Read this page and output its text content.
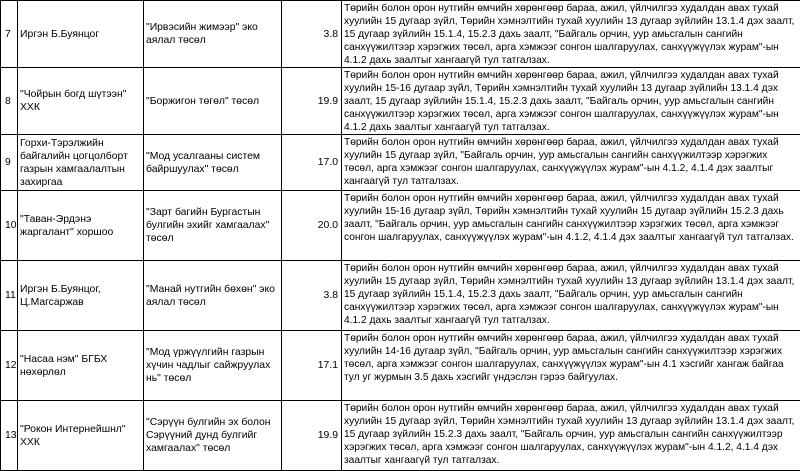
7	Иргэн Б.Буянцог	"Ирвэсийн жимээр" эко аялал төсөл	3.8	Төрийн болон орон нутгийн өмчийн хөрөнгөөр бараа, ажил, үйлчилгээ худалдан авах тухай хуулийн 15 дугаар зүйл, Төрийн хэмнэлтийн тухай хуулийн 13 дугаар зүйлийн 13.1.4 дэх заалт, 15 дугаар зүйлийн 15.1.4, 15.2.3 дахь заалт, "Байгаль орчин, уур амьсгалын сангийн санхүүжилтээр хэрэгжих төсөл, арга хэмжээг сонгон шалгаруулах, санхүүжүүлэх журам"-ын 4.1.2 дахь заалтыг хангаагүй тул татгалзах.
8	"Чойрын богд шүтээн" ХХК	"Боржигон төгөл" төсөл	19.9	Төрийн болон орон нутгийн өмчийн хөрөнгөөр бараа, ажил, үйлчилгээ худалдан авах тухай хуулийн 15-16 дугаар зүйл, Төрийн хэмнэлтийн тухай хуулийн 13 дугаар зүйлийн 13.1.4 дэх заалт, 15 дугаар зүйлийн 15.1.4, 15.2.3 дахь заалт, "Байгаль орчин, уур амьсгалын сангийн санхүүжилтээр хэрэгжих төсөл, арга хэмжээг сонгон шалгаруулах, санхүүжүүлэх журам"-ын 4.1.2 дахь заалтыг хангаагүй тул татгалзах.
9	Горхи-Тэрэлжийн байгалийн цогцолборт газрын хамгаалалтын захиргаа	"Мод усалгааны систем байршуулах" төсөл	17.0	Төрийн болон орон нутгийн өмчийн хөрөнгөөр бараа, ажил, үйлчилгээ худалдан авах тухай хуулийн 15 дугаар зүйл, "Байгаль орчин, уур амьсгалын сангийн санхүүжилтээр хэрэгжих төсөл, арга хэмжээг сонгон шалгаруулах, санхүүжүүлэх журам"-ын 4.1.2, 4.1.4 дэх заалтыг хангаагүй тул татгалзах.
10	"Таван-Эрдэнэ жаргалант" хоршоо	"Зарт багийн Бургастын булгийн эхийг хамгаалах" төсөл	20.0	Төрийн болон орон нутгийн өмчийн хөрөнгөөр бараа, ажил, үйлчилгээ худалдан авах тухай хуулийн 15-16 дугаар зүйл, Төрийн хэмнэлтийн тухай хуулийн 15 дугаар зүйлийн 15.2.3 дахь заалт, "Байгаль орчин, уур амьсгалын сангийн санхүүжилтээр хэрэгжих төсөл, арга хэмжээг сонгон шалгаруулах, санхүүжүүлэх журам"-ын 4.1.2, 4.1.4 дэх заалтыг хангаагүй тул татгалзах.
11	Иргэн Б.Буянцог, Ц.Магсаржав	"Манай нутгийн бөхөн" эко аялал төсөл	3.8	Төрийн болон орон нутгийн өмчийн хөрөнгөөр бараа, ажил, үйлчилгээ худалдан авах тухай хуулийн 15 дугаар зүйл, Төрийн хэмнэлтийн тухай хуулийн 13 дугаар зүйлийн 13.1.4 дэх заалт, 15 дугаар зүйлийн 15.1.4, 15.2.3 дахь заалт, "Байгаль орчин, уур амьсгалын сангийн санхүүжилтээр хэрэгжих төсөл, арга хэмжээг сонгон шалгаруулах, санхүүжүүлэх журам"-ын 4.1.2 дахь заалтыг хангаагүй тул татгалзах.
12	"Насаа нэм" БГБХ нөхөрлөл	"Мод үржүүлгийн газрын хүчин чадлыг сайжруулах нь" төсөл	17.1	Төрийн болон орон нутгийн өмчийн хөрөнгөөр бараа, ажил, үйлчилгээ худалдан авах тухай хуулийн 14-16 дугаар зүйл, "Байгаль орчин, уур амьсгалын сангийн санхүүжилтээр хэрэгжих төсөл, арга хэмжээг сонгон шалгаруулах, санхүүжүүлэх журам"-ын 4.1 хэсгийг хангаж байгаа тул уг журмын 3.5 дахь хэсгийг үндэслэн гэрээ байгуулах.
13	"Рокон Интернейшнл" ХХК	"Сэрүүн булгийн эх болон Сэрүүний дунд булгийг хамгаалах" төсөл	19.9	Төрийн болон орон нутгийн өмчийн хөрөнгөөр бараа, ажил, үйлчилгээ худалдан авах тухай хуулийн 15 дугаар зүйл, Төрийн хэмнэлтийн тухай хуулийн 13 дугаар зүйлийн 13.1.4 дэх заалт, 15 дугаар зүйлийн 15.2.3 дахь заалт, "Байгаль орчин, уур амьсгалын сангийн санхүүжилтээр хэрэгжих төсөл, арга хэмжээг сонгон шалгаруулах, санхүүжүүлэх журам"-ын 4.1.2, 4.1.4 дэх заалтыг хангаагүй тул татгалзах.
